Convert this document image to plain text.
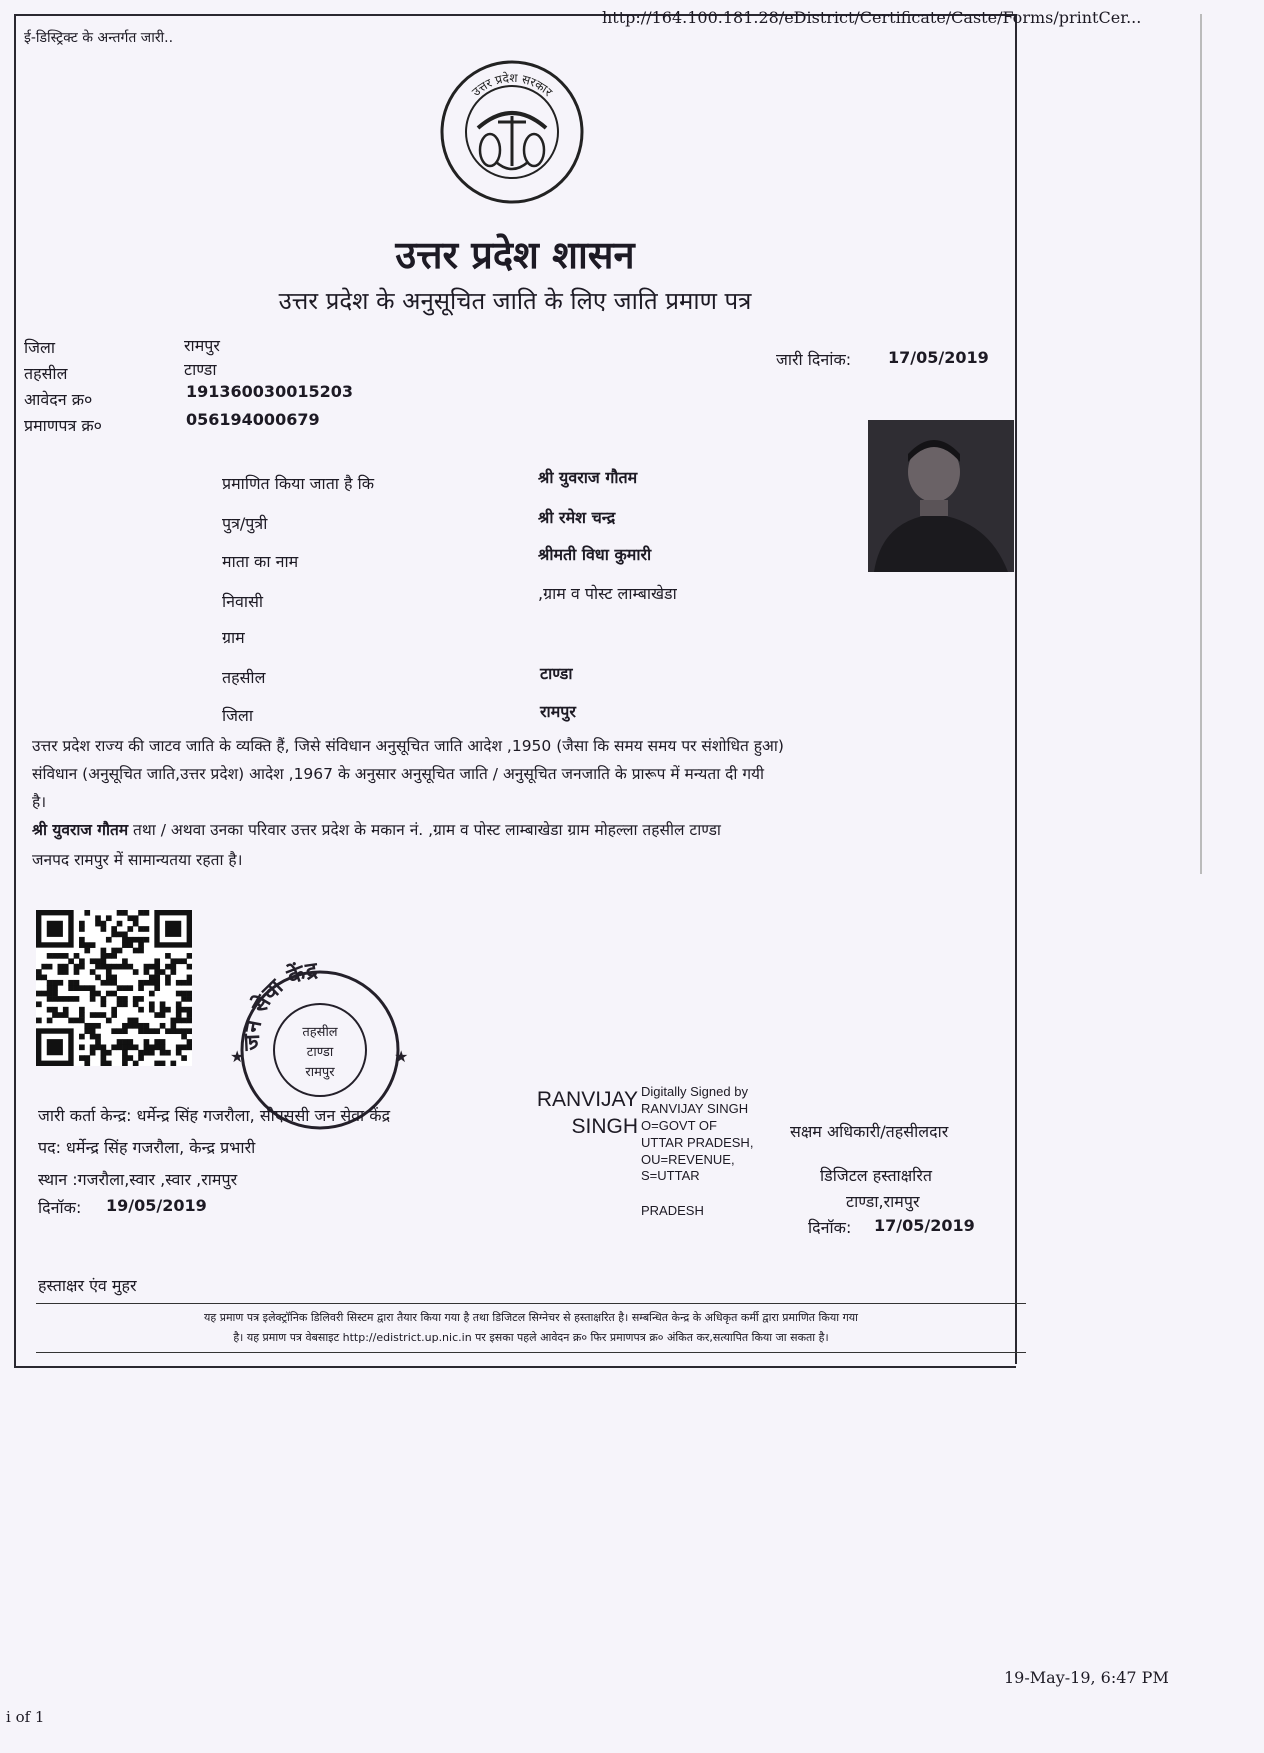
http://164.100.181.28/eDistrict/Certificate/Caste/Forms/printCer...
ई-डिस्ट्रिक्ट के अन्तर्गत जारी..
उत्तर प्रदेश सरकार
उत्तर प्रदेश शासन
उत्तर प्रदेश के अनुसूचित जाति के लिए जाति प्रमाण पत्र
जिला	रामपुर
तहसील	टाण्डा
आवेदन क्र०	191360030015203
प्रमाणपत्र क्र०	056194000679
जारी दिनांक: 17/05/2019
प्रमाणित किया जाता है कि	श्री युवराज गौतम
पुत्र/पुत्री	श्री रमेश चन्द्र
माता का नाम	श्रीमती विधा कुमारी
निवासी	,ग्राम व पोस्ट लाम्बाखेडा
ग्राम
तहसील	टाण्डा
जिला	रामपुर
उत्तर प्रदेश राज्य की जाटव जाति के व्यक्ति हैं, जिसे संविधान अनुसूचित जाति आदेश ,1950 (जैसा कि समय समय पर संशोधित हुआ)
संविधान (अनुसूचित जाति,उत्तर प्रदेश) आदेश ,1967 के अनुसार अनुसूचित जाति / अनुसूचित जनजाति के प्रारूप में मन्यता दी गयी
है।
श्री युवराज गौतम तथा / अथवा उनका परिवार उत्तर प्रदेश के मकान नं. ,ग्राम व पोस्ट लाम्बाखेडा ग्राम मोहल्ला तहसील टाण्डा
जनपद रामपुर में सामान्यतया रहता है।
जन सेवा केंद्र
तहसील
टाण्डा
रामपुर
★	★
जारी कर्ता केन्द्र: धर्मेन्द्र सिंह गजरौला, सीएससी जन सेवा केंद्र
पद: धर्मेन्द्र सिंह गजरौला, केन्द्र प्रभारी
स्थान :गजरौला,स्वार ,स्वार ,रामपुर
दिनॉक: 19/05/2019
हस्ताक्षर एंव मुहर
RANVIJAY
SINGH
Digitally Signed by
RANVIJAY SINGH
O=GOVT OF
UTTAR PRADESH,
OU=REVENUE,
S=UTTAR
PRADESH
सक्षम अधिकारी/तहसीलदार
डिजिटल हस्ताक्षरित
टाण्डा,रामपुर
दिनॉक: 17/05/2019
यह प्रमाण पत्र इलेक्ट्रॉनिक डिलिवरी सिस्टम द्वारा तैयार किया गया है तथा डिजिटल सिग्नेचर से हस्ताक्षरित है। सम्बन्धित केन्द्र के अधिकृत कर्मी द्वारा प्रमाणित किया गया
है। यह प्रमाण पत्र वेबसाइट http://edistrict.up.nic.in पर इसका पहले आवेदन क्र० फिर प्रमाणपत्र क्र० अंकित कर,सत्यापित किया जा सकता है।
19-May-19, 6:47 PM
i of 1
